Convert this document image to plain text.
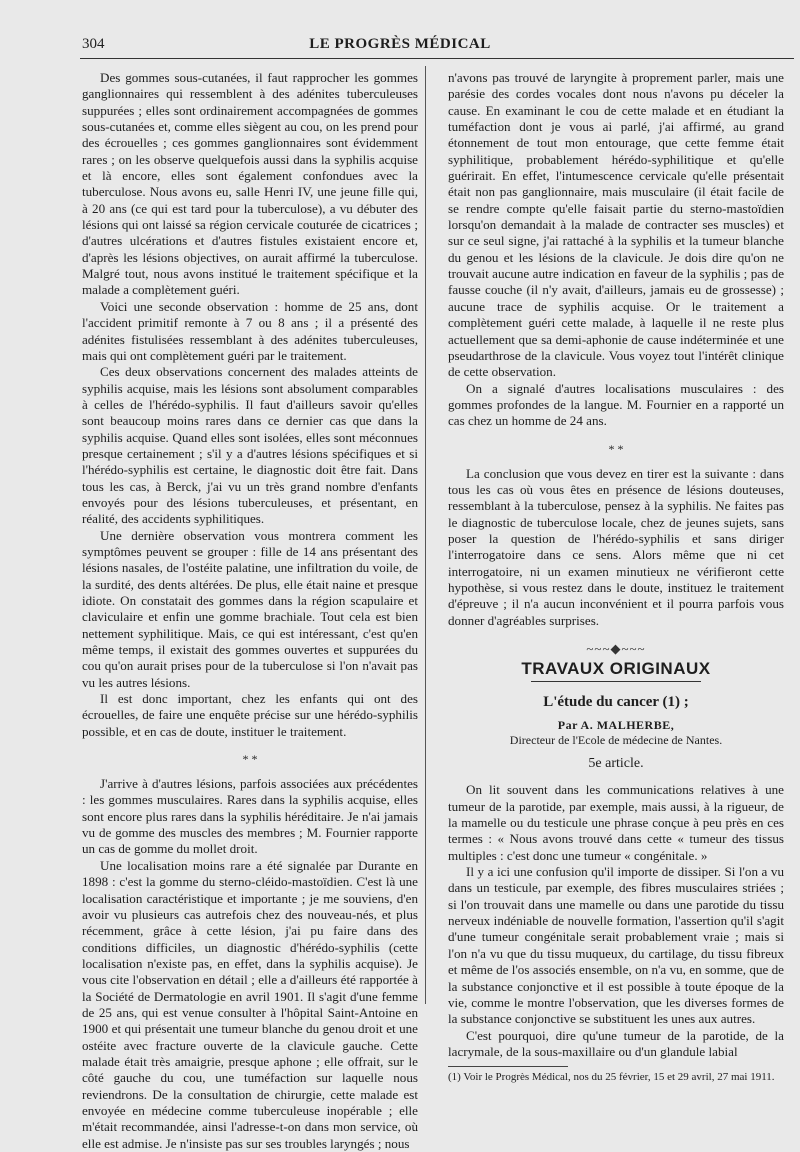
304	LE PROGRÈS MÉDICAL

Des gommes sous-cutanées, il faut rapprocher les gommes ganglionnaires qui ressemblent à des adénites tuberculeuses suppurées ; elles sont ordinairement accompagnées de gommes sous-cutanées et, comme elles siègent au cou, on les prend pour des écrouelles ; ces gommes ganglionnaires sont évidemment rares ; on les observe quelquefois aussi dans la syphilis acquise et là encore, elles sont également confondues avec la tuberculose. Nous avons eu, salle Henri IV, une jeune fille qui, à 20 ans (ce qui est tard pour la tuberculose), a vu débuter des lésions qui ont laissé sa région cervicale couturée de cicatrices ; d'autres ulcérations et d'autres fistules existaient encore et, d'après les lésions objectives, on aurait affirmé la tuberculose. Malgré tout, nous avons institué le traitement spécifique et la malade a complètement guéri.

Voici une seconde observation : homme de 25 ans, dont l'accident primitif remonte à 7 ou 8 ans ; il a présenté des adénites fistulisées ressemblant à des adénites tuberculeuses, mais qui ont complètement guéri par le traitement.

Ces deux observations concernent des malades atteints de syphilis acquise, mais les lésions sont absolument comparables à celles de l'hérédo-syphilis. Il faut d'ailleurs savoir qu'elles sont beaucoup moins rares dans ce dernier cas que dans la syphilis acquise. Quand elles sont isolées, elles sont méconnues presque certainement ; s'il y a d'autres lésions spécifiques et si l'hérédo-syphilis est certaine, le diagnostic doit être fait. Dans tous les cas, à Berck, j'ai vu un très grand nombre d'enfants envoyés pour des lésions tuberculeuses, et présentant, en réalité, des accidents syphilitiques.

Une dernière observation vous montrera comment les symptômes peuvent se grouper : fille de 14 ans présentant des lésions nasales, de l'ostéite palatine, une infiltration du voile, de la surdité, des dents altérées. De plus, elle était naine et presque idiote. On constatait des gommes dans la région scapulaire et claviculaire et enfin une gomme brachiale. Tout cela est bien nettement syphilitique. Mais, ce qui est intéressant, c'est qu'en même temps, il existait des gommes ouvertes et suppurées du cou qu'on aurait prises pour de la tuberculose si l'on n'avait pas vu les autres lésions.

Il est donc important, chez les enfants qui ont des écrouelles, de faire une enquête précise sur une hérédo-syphilis possible, et en cas de doute, instituer le traitement.

* *

J'arrive à d'autres lésions, parfois associées aux précédentes : les gommes musculaires. Rares dans la syphilis acquise, elles sont encore plus rares dans la syphilis héréditaire. Je n'ai jamais vu de gomme des muscles des membres ; M. Fournier rapporte un cas de gomme du mollet droit.

Une localisation moins rare a été signalée par Durante en 1898 : c'est la gomme du sterno-cléido-mastoïdien. C'est là une localisation caractéristique et importante ; je me souviens, d'en avoir vu plusieurs cas autrefois chez des nouveau-nés, et plus récemment, grâce à cette lésion, j'ai pu faire dans des conditions difficiles, un diagnostic d'hérédo-syphilis (cette localisation n'existe pas, en effet, dans la syphilis acquise). Je vous cite l'observation en détail ; elle a d'ailleurs été rapportée à la Société de Dermatologie en avril 1901. Il s'agit d'une femme de 25 ans, qui est venue consulter à l'hôpital Saint-Antoine en 1900 et qui présentait une tumeur blanche du genou droit et une ostéite avec fracture ouverte de la clavicule gauche. Cette malade était très amaigrie, presque aphone ; elle offrait, sur le côté gauche du cou, une tuméfaction sur laquelle nous reviendrons. De la consultation de chirurgie, cette malade est envoyée en médecine comme tuberculeuse inopérable ; elle m'était recommandée, ainsi l'adresse-t-on dans mon service, où elle est admise. Je n'insiste pas sur ses troubles laryngés ; nous

n'avons pas trouvé de laryngite à proprement parler, mais une parésie des cordes vocales dont nous n'avons pu déceler la cause. En examinant le cou de cette malade et en étudiant la tuméfaction dont je vous ai parlé, j'ai affirmé, au grand étonnement de tout mon entourage, que cette femme était syphilitique, probablement hérédo-syphilitique et qu'elle guérirait. En effet, l'intumescence cervicale qu'elle présentait était non pas ganglionnaire, mais musculaire (il était facile de se rendre compte qu'elle faisait partie du sterno-mastoïdien lorsqu'on demandait à la malade de contracter ses muscles) et sur ce seul signe, j'ai rattaché à la syphilis et la tumeur blanche du genou et les lésions de la clavicule. Je dois dire qu'on ne trouvait aucune autre indication en faveur de la syphilis ; pas de fausse couche (il n'y avait, d'ailleurs, jamais eu de grossesse) ; aucune trace de syphilis acquise. Or le traitement a complètement guéri cette malade, à laquelle il ne reste plus actuellement que sa demi-aphonie de cause indéterminée et une pseudarthrose de la clavicule. Vous voyez tout l'intérêt clinique de cette observation.

On a signalé d'autres localisations musculaires : des gommes profondes de la langue. M. Fournier en a rapporté un cas chez un homme de 24 ans.

* *

La conclusion que vous devez en tirer est la suivante : dans tous les cas où vous êtes en présence de lésions douteuses, ressemblant à la tuberculose, pensez à la syphilis. Ne faites pas le diagnostic de tuberculose locale, chez de jeunes sujets, sans poser la question de l'hérédo-syphilis et sans diriger l'interrogatoire dans ce sens. Alors même que ni cet interrogatoire, ni un examen minutieux ne vérifieront cette hypothèse, si vous restez dans le doute, instituez le traitement d'épreuve ; il n'a aucun inconvénient et il pourra parfois vous donner d'agréables surprises.

~~~◆~~~
TRAVAUX ORIGINAUX
L'étude du cancer (1) ;
Par A. MALHERBE,
Directeur de l'Ecole de médecine de Nantes.
5e article.

On lit souvent dans les communications relatives à une tumeur de la parotide, par exemple, mais aussi, à la rigueur, de la mamelle ou du testicule une phrase conçue à peu près en ces termes : « Nous avons trouvé dans cette « tumeur des tissus multiples : c'est donc une tumeur « congénitale. »

Il y a ici une confusion qu'il importe de dissiper. Si l'on a vu dans un testicule, par exemple, des fibres musculaires striées ; si l'on trouvait dans une mamelle ou dans une parotide du tissu nerveux indéniable de nouvelle formation, l'assertion qu'il s'agit d'une tumeur congénitale serait probablement vraie ; mais si l'on n'a vu que du tissu muqueux, du cartilage, du tissu fibreux et même de l'os associés ensemble, on n'a vu, en somme, que de la substance conjonctive et il est possible à toute époque de la vie, comme le montre l'observation, que les diverses formes de la substance conjonctive se substituent les unes aux autres.

C'est pourquoi, dire qu'une tumeur de la parotide, de la lacrymale, de la sous-maxillaire ou d'un glandule labial

(1) Voir le Progrès Médical, nos du 25 février, 15 et 29 avril, 27 mai 1911.
